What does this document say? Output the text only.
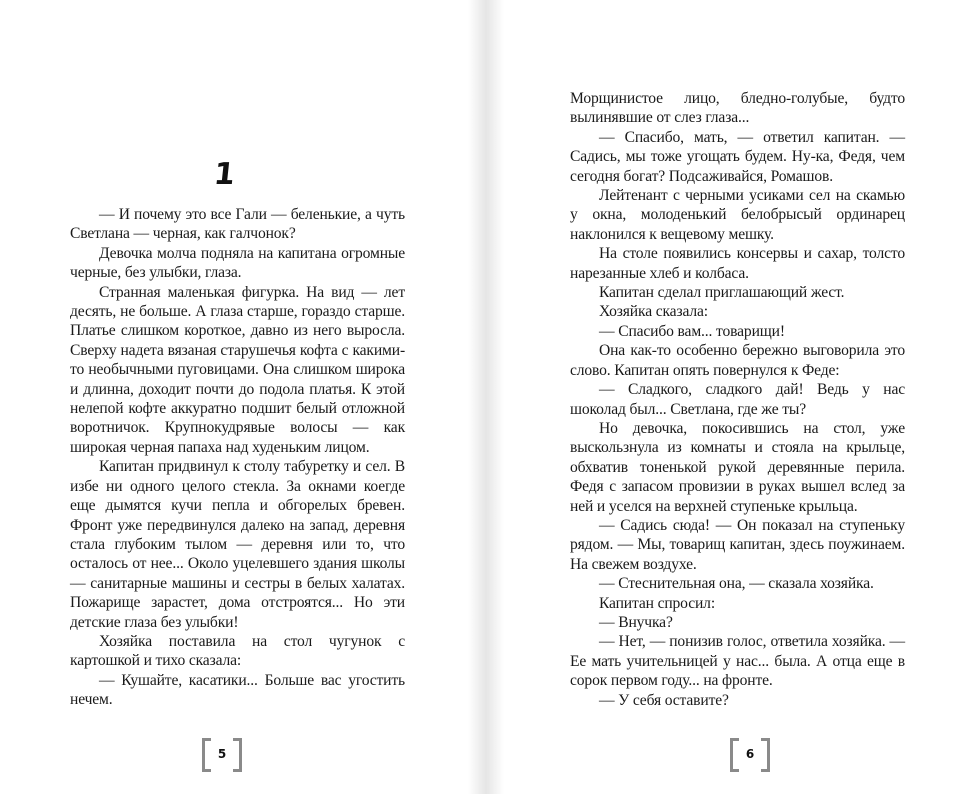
1

— И почему это все Гали — беленькие, а чуть Светлана — черная, как галчонок?

Девочка молча подняла на капитана огромные черные, без улыбки, глаза.

Странная маленькая фигурка. На вид — лет десять, не больше. А глаза старше, гораздо старше. Платье слишком короткое, давно из него выросла. Сверху надета вязаная старушечья кофта с какими-то необычными пуговицами. Она слишком широка и длинна, доходит почти до подола платья. К этой нелепой кофте аккуратно подшит белый отложной воротничок. Крупнокудрявые волосы — как широкая черная папаха над худеньким лицом.

Капитан придвинул к столу табуретку и сел. В избе ни одного целого стекла. За окнами коегде еще дымятся кучи пепла и обгорелых бревен. Фронт уже передвинулся далеко на запад, деревня стала глубоким тылом — деревня или то, что осталось от нее... Около уцелевшего здания школы — санитарные машины и сестры в белых халатах. Пожарище зарастет, дома отстроятся... Но эти детские глаза без улыбки!

Хозяйка поставила на стол чугунок с картошкой и тихо сказала:

— Кушайте, касатики... Больше вас угостить нечем.

5	6

Морщинистое лицо, бледно-голубые, будто вылинявшие от слез глаза...

— Спасибо, мать, — ответил капитан. — Садись, мы тоже угощать будем. Ну-ка, Федя, чем сегодня богат? Подсаживайся, Ромашов.

Лейтенант с черными усиками сел на скамью у окна, молоденький белобрысый ординарец наклонился к вещевому мешку.

На столе появились консервы и сахар, толсто нарезанные хлеб и колбаса.

Капитан сделал приглашающий жест.

Хозяйка сказала:

— Спасибо вам... товарищи!

Она как-то особенно бережно выговорила это слово. Капитан опять повернулся к Феде:

— Сладкого, сладкого дай! Ведь у нас шоколад был... Светлана, где же ты?

Но девочка, покосившись на стол, уже выскользнула из комнаты и стояла на крыльце, обхватив тоненькой рукой деревянные перила. Федя с запасом провизии в руках вышел вслед за ней и уселся на верхней ступеньке крыльца.

— Садись сюда! — Он показал на ступеньку рядом. — Мы, товарищ капитан, здесь поужинаем. На свежем воздухе.

— Стеснительная она, — сказала хозяйка.

Капитан спросил:

— Внучка?

— Нет, — понизив голос, ответила хозяйка. — Ее мать учительницей у нас... была. А отца еще в сорок первом году... на фронте.

— У себя оставите?
